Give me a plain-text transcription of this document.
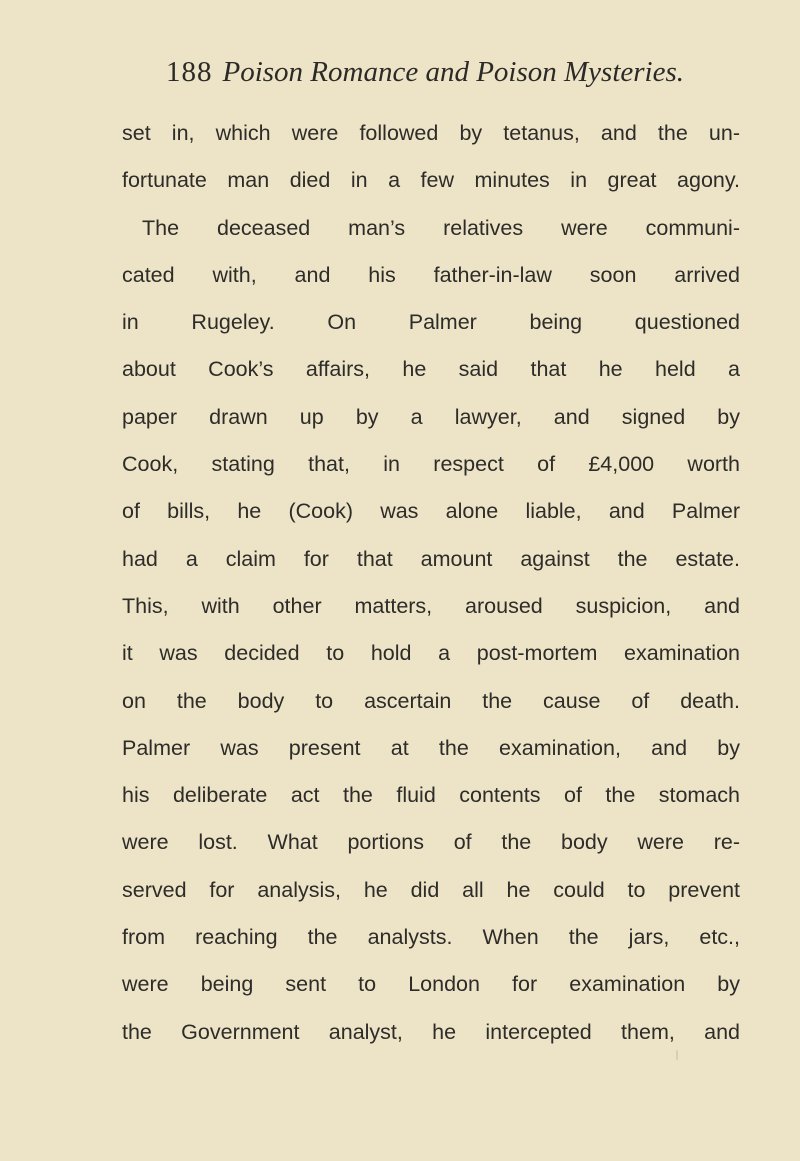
188 Poison Romance and Poison Mysteries.
set in, which were followed by tetanus, and the un-
fortunate man died in a few minutes in great agony.
The deceased man’s relatives were communi-
cated with, and his father-in-law soon arrived
in Rugeley. On Palmer being questioned
about Cook’s affairs, he said that he held a
paper drawn up by a lawyer, and signed by
Cook, stating that, in respect of £4,000 worth
of bills, he (Cook) was alone liable, and Palmer
had a claim for that amount against the estate.
This, with other matters, aroused suspicion, and
it was decided to hold a post-mortem examination
on the body to ascertain the cause of death.
Palmer was present at the examination, and by
his deliberate act the fluid contents of the stomach
were lost. What portions of the body were re-
served for analysis, he did all he could to prevent
from reaching the analysts. When the jars, etc.,
were being sent to London for examination by
the Government analyst, he intercepted them, and
